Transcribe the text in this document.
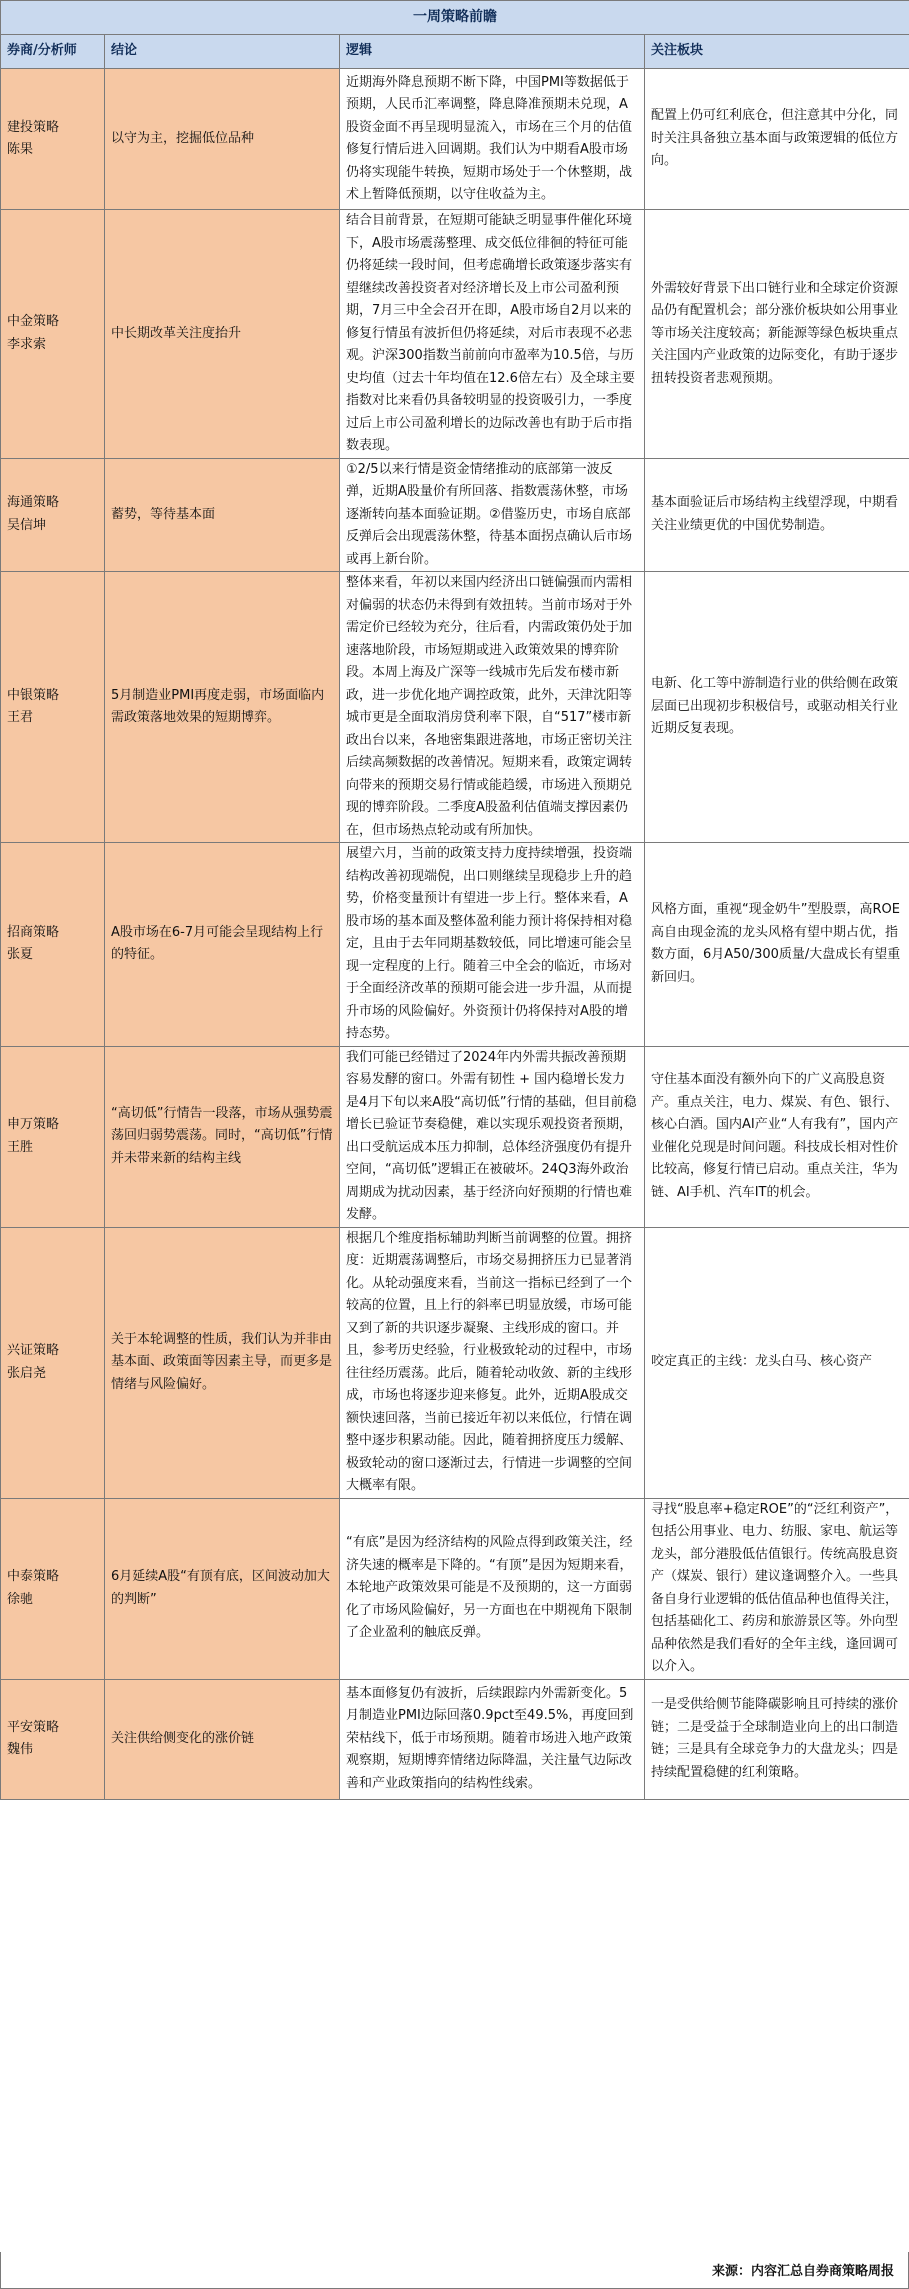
一周策略前瞻			
券商/分析师	结论	逻辑	关注板块

建投策略
陈果	以守为主，挖掘低位品种	近期海外降息预期不断下降，中国PMI等数据低于预期，人民币汇率调整，降息降准预期未兑现，A股资金面不再呈现明显流入，市场在三个月的估值修复行情后进入回调期。我们认为中期看A股市场仍将实现能牛转换，短期市场处于一个休整期，战术上暂降低预期，以守住收益为主。	配置上仍可红利底仓，但注意其中分化，同时关注具备独立基本面与政策逻辑的低位方向。

中金策略
李求索	中长期改革关注度抬升	结合目前背景，在短期可能缺乏明显事件催化环境下，A股市场震荡整理、成交低位徘徊的特征可能仍将延续一段时间，但考虑确增长政策逐步落实有望继续改善投资者对经济增长及上市公司盈利预期，7月三中全会召开在即，A股市场自2月以来的修复行情虽有波折但仍将延续，对后市表现不必悲观。沪深300指数当前前向市盈率为10.5倍，与历史均值（过去十年均值在12.6倍左右）及全球主要指数对比来看仍具备较明显的投资吸引力，一季度过后上市公司盈利增长的边际改善也有助于后市指数表现。	外需较好背景下出口链行业和全球定价资源品仍有配置机会；部分涨价板块如公用事业等市场关注度较高；新能源等绿色板块重点关注国内产业政策的边际变化，有助于逐步扭转投资者悲观预期。

海通策略
吴信坤	蓄势，等待基本面	①2/5以来行情是资金情绪推动的底部第一波反弹，近期A股量价有所回落、指数震荡休整，市场逐渐转向基本面验证期。②借鉴历史，市场自底部反弹后会出现震荡休整，待基本面拐点确认后市场或再上新台阶。	基本面验证后市场结构主线望浮现，中期看关注业绩更优的中国优势制造。

中银策略
王君	5月制造业PMI再度走弱，市场面临内需政策落地效果的短期博弈。	整体来看，年初以来国内经济出口链偏强而内需相对偏弱的状态仍未得到有效扭转。当前市场对于外需定价已经较为充分，往后看，内需政策仍处于加速落地阶段，市场短期或进入政策效果的博弈阶段。本周上海及广深等一线城市先后发布楼市新政，进一步优化地产调控政策，此外，天津沈阳等城市更是全面取消房贷利率下限，自“517”楼市新政出台以来，各地密集跟进落地，市场正密切关注后续高频数据的改善情况。短期来看，政策定调转向带来的预期交易行情或能趋缓，市场进入预期兑现的博弈阶段。二季度A股盈利估值端支撑因素仍在，但市场热点轮动或有所加快。	电新、化工等中游制造行业的供给侧在政策层面已出现初步积极信号，或驱动相关行业近期反复表现。

招商策略
张夏	A股市场在6-7月可能会呈现结构上行的特征。	展望六月，当前的政策支持力度持续增强，投资端结构改善初现端倪，出口则继续呈现稳步上升的趋势，价格变量预计有望进一步上行。整体来看，A股市场的基本面及整体盈利能力预计将保持相对稳定，且由于去年同期基数较低，同比增速可能会呈现一定程度的上行。随着三中全会的临近，市场对于全面经济改革的预期可能会进一步升温，从而提升市场的风险偏好。外资预计仍将保持对A股的增持态势。	风格方面，重视“现金奶牛”型股票，高ROE高自由现金流的龙头风格有望中期占优，指数方面，6月A50/300质量/大盘成长有望重新回归。

申万策略
王胜	“高切低”行情告一段落，市场从强势震荡回归弱势震荡。同时，“高切低”行情并未带来新的结构主线	我们可能已经错过了2024年内外需共振改善预期容易发酵的窗口。外需有韧性 + 国内稳增长发力是4月下旬以来A股“高切低”行情的基础，但目前稳增长已验证节奏稳健，难以实现乐观投资者预期，出口受航运成本压力抑制，总体经济强度仍有提升空间，“高切低”逻辑正在被破坏。24Q3海外政治周期成为扰动因素，基于经济向好预期的行情也难发酵。	守住基本面没有额外向下的广义高股息资产。重点关注，电力、煤炭、有色、银行、核心白酒。国内AI产业“人有我有”，国内产业催化兑现是时间问题。科技成长相对性价比较高，修复行情已启动。重点关注，华为链、AI手机、汽车IT的机会。

兴证策略
张启尧	关于本轮调整的性质，我们认为并非由基本面、政策面等因素主导，而更多是情绪与风险偏好。	根据几个维度指标辅助判断当前调整的位置。拥挤度：近期震荡调整后，市场交易拥挤压力已显著消化。从轮动强度来看，当前这一指标已经到了一个较高的位置，且上行的斜率已明显放缓，市场可能又到了新的共识逐步凝聚、主线形成的窗口。并且，参考历史经验，行业极致轮动的过程中，市场往往经历震荡。此后，随着轮动收敛、新的主线形成，市场也将逐步迎来修复。此外，近期A股成交额快速回落，当前已接近年初以来低位，行情在调整中逐步积累动能。因此，随着拥挤度压力缓解、极致轮动的窗口逐渐过去，行情进一步调整的空间大概率有限。	咬定真正的主线：龙头白马、核心资产

中泰策略
徐驰	6月延续A股“有顶有底，区间波动加大的判断”	“有底”是因为经济结构的风险点得到政策关注，经济失速的概率是下降的。“有顶”是因为短期来看，本轮地产政策效果可能是不及预期的，这一方面弱化了市场风险偏好，另一方面也在中期视角下限制了企业盈利的触底反弹。	寻找“股息率+稳定ROE”的“泛红利资产”，包括公用事业、电力、纺服、家电、航运等龙头，部分港股低估值银行。传统高股息资产（煤炭、银行）建议逢调整介入。一些具备自身行业逻辑的低估值品种也值得关注，包括基础化工、药房和旅游景区等。外向型品种依然是我们看好的全年主线，逢回调可以介入。

平安策略
魏伟	关注供给侧变化的涨价链	基本面修复仍有波折，后续跟踪内外需新变化。5月制造业PMI边际回落0.9pct至49.5%，再度回到荣枯线下，低于市场预期。随着市场进入地产政策观察期，短期博弈情绪边际降温，关注量气边际改善和产业政策指向的结构性线索。	一是受供给侧节能降碳影响且可持续的涨价链；二是受益于全球制造业向上的出口制造链；三是具有全球竞争力的大盘龙头；四是持续配置稳健的红利策略。
来源：内容汇总自券商策略周报
